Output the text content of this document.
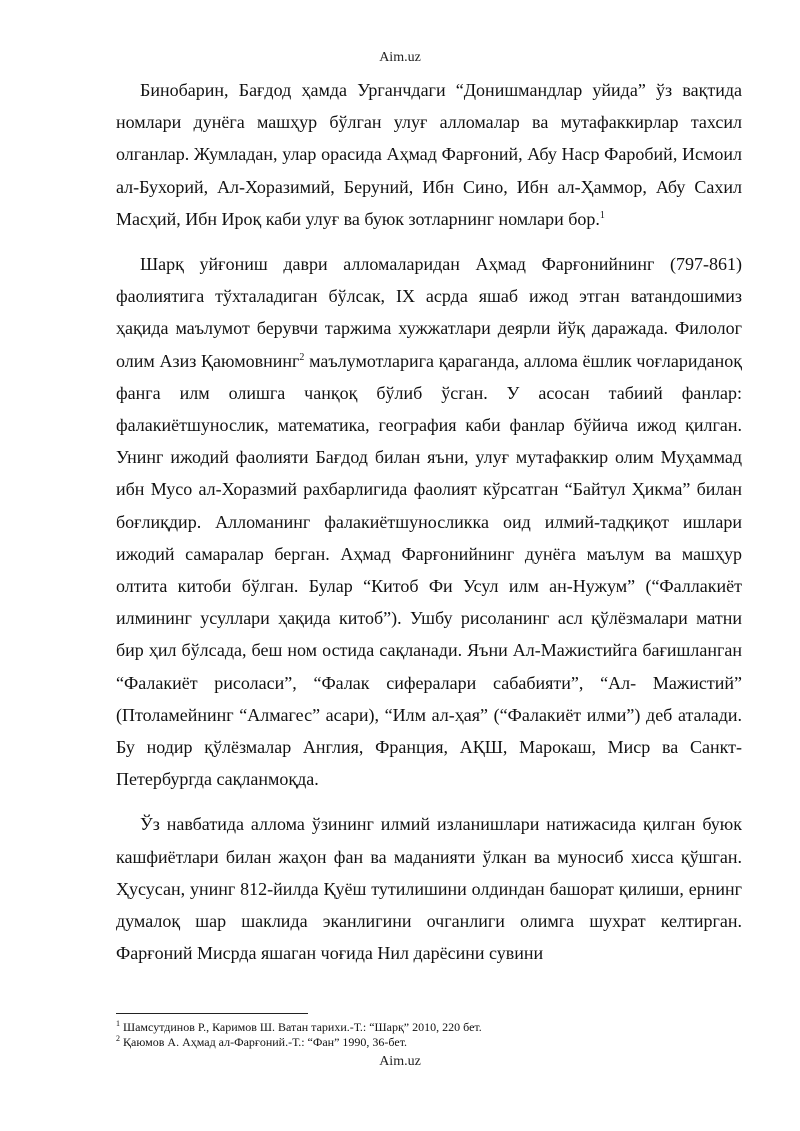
Aim.uz

Бинобарин, Бағдод ҳамда Урганчдаги “Донишмандлар уйида” ўз вақтида номлари дунёга машҳур бўлган улуғ алломалар ва мутафаккирлар тахсил олганлар. Жумладан, улар орасида Аҳмад Фарғоний, Абу Наср Фаробий, Исмоил ал-Бухорий, Ал-Хоразимий, Беруний, Ибн Сино, Ибн ал-Ҳаммор, Абу Сахил Масҳий, Ибн Ироқ каби улуғ ва буюк зотларнинг номлари бор.$^1$

Шарқ уйғониш даври алломаларидан Аҳмад Фарғонийнинг (797-861) фаолиятига тўхталадиган бўлсак, IX асрда яшаб ижод этган ватандошимиз ҳақида маълумот берувчи таржима хужжатлари деярли йўқ даражада. Филолог олим Азиз Қаюмовнинг$^2$ маълумотларига қараганда, аллома ёшлик чоғлариданоқ фанга илм олишга чанқоқ бўлиб ўсган. У асосан табиий фанлар: фалакиётшунослик, математика, география каби фанлар бўйича ижод қилган. Унинг ижодий фаолияти Бағдод билан яъни, улуғ мутафаккир олим Муҳаммад ибн Мусо ал-Хоразмий рахбарлигида фаолият кўрсатган “Байтул Ҳикма” билан боғлиқдир. Алломанинг фалакиётшуносликка оид илмий-тадқиқот ишлари ижодий самаралар берган. Аҳмад Фарғонийнинг дунёга маълум ва машҳур олтита китоби бўлган. Булар “Китоб Фи Усул илм ан-Нужум” (“Фаллакиёт илмининг усуллари ҳақида китоб”). Ушбу рисоланинг асл қўлёзмалари матни бир ҳил бўлсада, беш ном остида сақланади. Яъни Ал-Мажистийга бағишланган “Фалакиёт рисоласи”, “Фалак сифералари сабабияти”, “Ал- Мажистий” (Птоламейнинг “Алмагес” асари), “Илм ал-ҳая” (“Фалакиёт илми”) деб аталади. Бу нодир қўлёзмалар Англия, Франция, АҚШ, Марокаш, Миср ва Санкт-Петербургда сақланмоқда.

Ўз навбатида аллома ўзининг илмий изланишлари натижасида қилган буюк кашфиётлари билан жаҳон фан ва маданияти ўлкан ва муносиб хисса қўшган. Ҳусусан, унинг 812-йилда Қуёш тутилишини олдиндан башорат қилиши, ернинг думалоқ шар шаклида эканлигини очганлиги олимга шухрат келтирган. Фарғоний Мисрда яшаган чоғида Нил дарёсини сувини

$^1$ Шамсутдинов Р., Каримов Ш. Ватан тарихи.-Т.: “Шарқ” 2010, 220 бет.
$^2$ Қаюмов А. Аҳмад ал-Фарғоний.-Т.: “Фан” 1990, 36-бет.
Aim.uz
